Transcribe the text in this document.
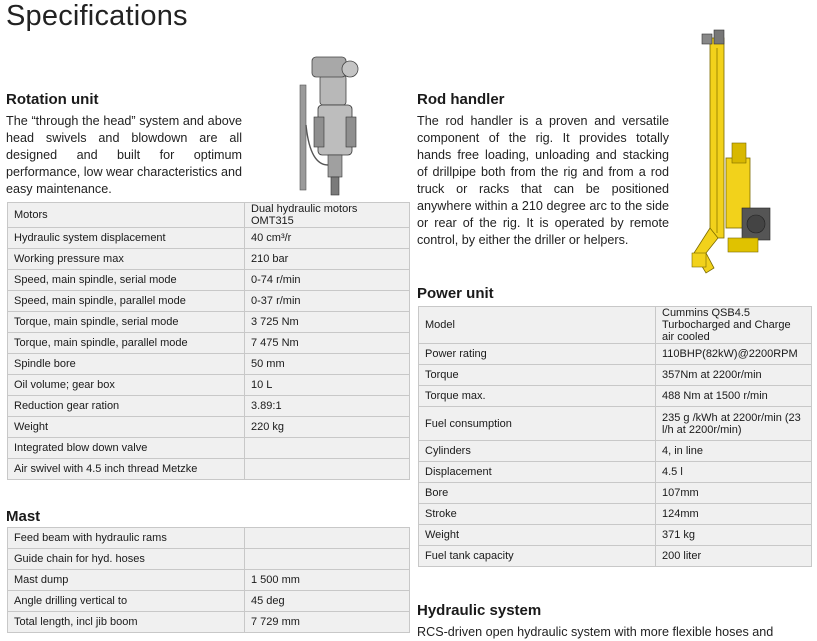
Specifications
Rotation unit
The “through the head” system and above head swivels and blowdown are all designed and built for optimum performance, low wear characteristics and easy maintenance.
Motors	Dual hydraulic motors OMT315
Hydraulic system displacement	40 cm³/r
Working pressure max	210 bar
Speed, main spindle, serial mode	0-74 r/min
Speed, main spindle, parallel mode	0-37 r/min
Torque, main spindle, serial mode	3 725 Nm
Torque, main spindle, parallel mode	7 475 Nm
Spindle bore	50 mm
Oil volume; gear box	10 L
Reduction gear ration	3.89:1
Weight	220 kg
Integrated blow down valve	
Air swivel with 4.5 inch thread Metzke	
Mast
Feed beam with hydraulic rams	
Guide chain for hyd. hoses	
Mast dump	1 500 mm
Angle drilling vertical to	45 deg
Total length, incl jib boom	7 729 mm
Rod handler
The rod handler is a proven and versatile component of the rig. It provides totally hands free loading, unloading and stacking of drillpipe both from the rig and from a rod truck or racks that can be positioned anywhere within a 210 degree arc to the side or rear of the rig. It is operated by remote control, by either the driller or helpers.
Power unit
Model	Cummins QSB4.5 Turbocharged and Charge air cooled
Power rating	110BHP(82kW)@2200RPM
Torque	357Nm at 2200r/min
Torque max.	488 Nm at 1500 r/min
Fuel consumption	235 g /kWh at 2200r/min (23 l/h at 2200r/min)
Cylinders	4, in line
Displacement	4.5 l
Bore	107mm
Stroke	124mm
Weight	371 kg
Fuel tank capacity	200 liter
Hydraulic system
RCS-driven open hydraulic system with more flexible hoses and
